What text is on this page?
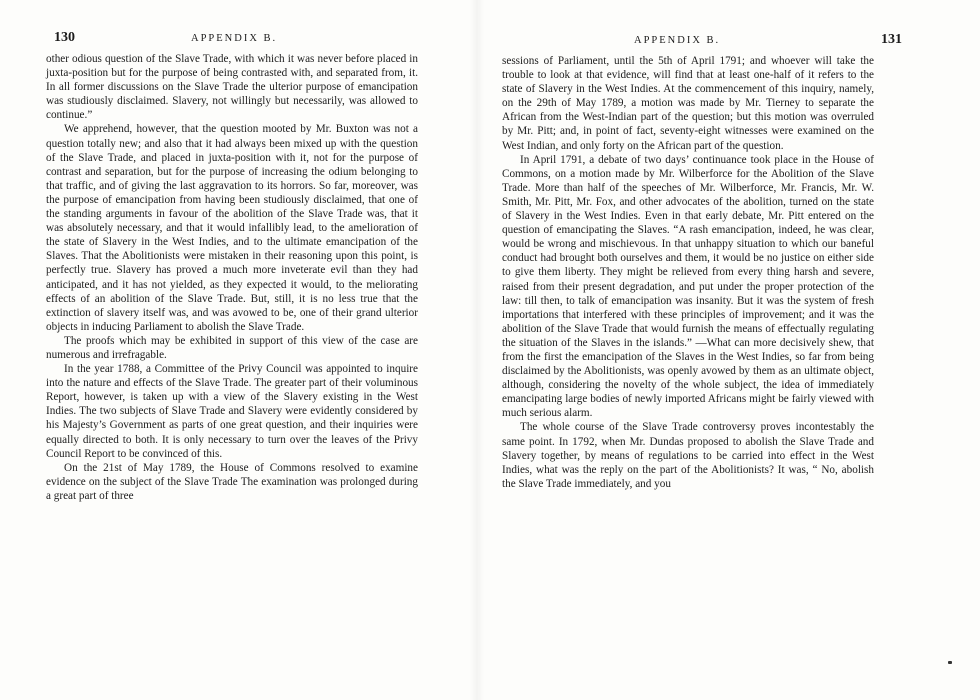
130	APPENDIX B.

other odious question of the Slave Trade, with which it was never before placed in juxta-position but for the purpose of being contrasted with, and separated from, it. In all former discussions on the Slave Trade the ulterior purpose of emancipation was studiously disclaimed. Slavery, not willingly but necessarily, was allowed to continue.”

We apprehend, however, that the question mooted by Mr. Buxton was not a question totally new; and also that it had always been mixed up with the question of the Slave Trade, and placed in juxta-position with it, not for the purpose of contrast and separation, but for the purpose of increasing the odium belonging to that traffic, and of giving the last aggravation to its horrors. So far, moreover, was the purpose of emancipation from having been studiously disclaimed, that one of the standing arguments in favour of the abolition of the Slave Trade was, that it was absolutely necessary, and that it would infallibly lead, to the amelioration of the state of Slavery in the West Indies, and to the ultimate emancipation of the Slaves. That the Abolitionists were mistaken in their reasoning upon this point, is perfectly true. Slavery has proved a much more inveterate evil than they had anticipated, and it has not yielded, as they expected it would, to the meliorating effects of an abolition of the Slave Trade. But, still, it is no less true that the extinction of slavery itself was, and was avowed to be, one of their grand ulterior objects in inducing Parliament to abolish the Slave Trade.

The proofs which may be exhibited in support of this view of the case are numerous and irrefragable.

In the year 1788, a Committee of the Privy Council was appointed to inquire into the nature and effects of the Slave Trade. The greater part of their voluminous Report, however, is taken up with a view of the Slavery existing in the West Indies. The two subjects of Slave Trade and Slavery were evidently considered by his Majesty’s Government as parts of one great question, and their inquiries were equally directed to both. It is only necessary to turn over the leaves of the Privy Council Report to be convinced of this.

On the 21st of May 1789, the House of Commons resolved to examine evidence on the subject of the Slave Trade The examination was prolonged during a great part of three

APPENDIX B.	131

sessions of Parliament, until the 5th of April 1791; and whoever will take the trouble to look at that evidence, will find that at least one-half of it refers to the state of Slavery in the West Indies. At the commencement of this inquiry, namely, on the 29th of May 1789, a motion was made by Mr. Tierney to separate the African from the West-Indian part of the question; but this motion was overruled by Mr. Pitt; and, in point of fact, seventy-eight witnesses were examined on the West Indian, and only forty on the African part of the question.

In April 1791, a debate of two days’ continuance took place in the House of Commons, on a motion made by Mr. Wilberforce for the Abolition of the Slave Trade. More than half of the speeches of Mr. Wilberforce, Mr. Francis, Mr. W. Smith, Mr. Pitt, Mr. Fox, and other advocates of the abolition, turned on the state of Slavery in the West Indies. Even in that early debate, Mr. Pitt entered on the question of emancipating the Slaves. “A rash emancipation, indeed, he was clear, would be wrong and mischievous. In that unhappy situation to which our baneful conduct had brought both ourselves and them, it would be no justice on either side to give them liberty. They might be relieved from every thing harsh and severe, raised from their present degradation, and put under the proper protection of the law: till then, to talk of emancipation was insanity. But it was the system of fresh importations that interfered with these principles of improvement; and it was the abolition of the Slave Trade that would furnish the means of effectually regulating the situation of the Slaves in the islands.” —What can more decisively shew, that from the first the emancipation of the Slaves in the West Indies, so far from being disclaimed by the Abolitionists, was openly avowed by them as an ultimate object, although, considering the novelty of the whole subject, the idea of immediately emancipating large bodies of newly imported Africans might be fairly viewed with much serious alarm.

The whole course of the Slave Trade controversy proves incontestably the same point. In 1792, when Mr. Dundas proposed to abolish the Slave Trade and Slavery together, by means of regulations to be carried into effect in the West Indies, what was the reply on the part of the Abolitionists? It was, “ No, abolish the Slave Trade immediately, and you
